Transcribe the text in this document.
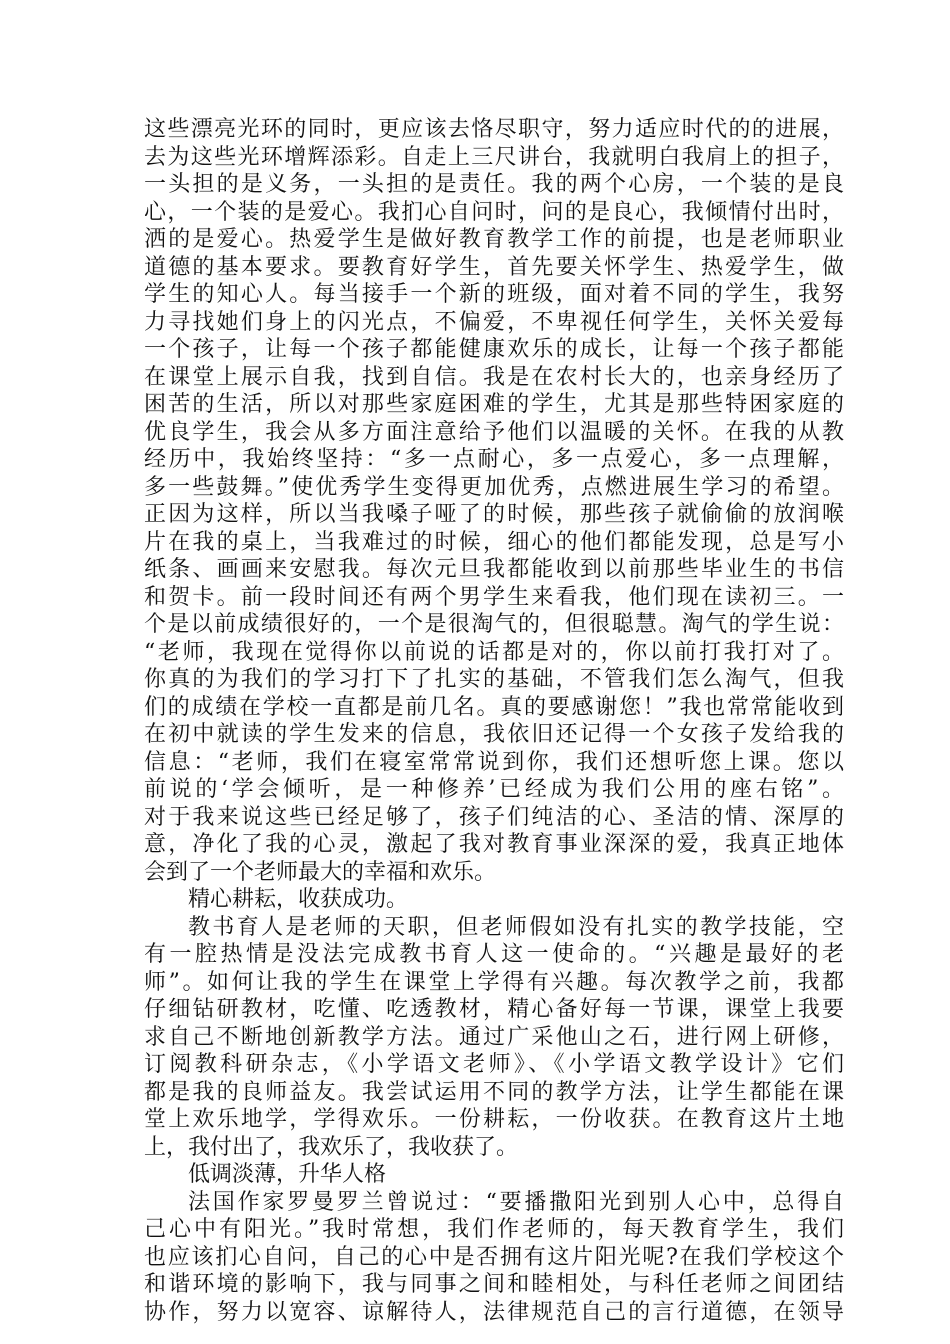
这些漂亮光环的同时，更应该去恪尽职守，努力适应时代的的进展，
去为这些光环增辉添彩。自走上三尺讲台，我就明白我肩上的担子，
一头担的是义务，一头担的是责任。我的两个心房，一个装的是良
心，一个装的是爱心。我扪心自问时，问的是良心，我倾情付出时，
洒的是爱心。热爱学生是做好教育教学工作的前提，也是老师职业
道德的基本要求。要教育好学生，首先要关怀学生、热爱学生，做
学生的知心人。每当接手一个新的班级，面对着不同的学生，我努
力寻找她们身上的闪光点，不偏爱，不卑视任何学生，关怀关爱每
一个孩子，让每一个孩子都能健康欢乐的成长，让每一个孩子都能
在课堂上展示自我，找到自信。我是在农村长大的，也亲身经历了
困苦的生活，所以对那些家庭困难的学生，尤其是那些特困家庭的
优良学生，我会从多方面注意给予他们以温暖的关怀。在我的从教
经历中，我始终坚持：“多一点耐心，多一点爱心，多一点理解，
多一些鼓舞。”使优秀学生变得更加优秀，点燃进展生学习的希望。
正因为这样，所以当我嗓子哑了的时候，那些孩子就偷偷的放润喉
片在我的桌上，当我难过的时候，细心的他们都能发现，总是写小
纸条、画画来安慰我。每次元旦我都能收到以前那些毕业生的书信
和贺卡。前一段时间还有两个男学生来看我，他们现在读初三。一
个是以前成绩很好的，一个是很淘气的，但很聪慧。淘气的学生说：
“老师，我现在觉得你以前说的话都是对的，你以前打我打对了。
你真的为我们的学习打下了扎实的基础，不管我们怎么淘气，但我
们的成绩在学校一直都是前几名。真的要感谢您！”我也常常能收到
在初中就读的学生发来的信息，我依旧还记得一个女孩子发给我的
信息：“老师，我们在寝室常常说到你，我们还想听您上课。您以
前说的‘学会倾听，是一种修养’已经成为我们公用的座右铭”。
对于我来说这些已经足够了，孩子们纯洁的心、圣洁的情、深厚的
意，净化了我的心灵，激起了我对教育事业深深的爱，我真正地体
会到了一个老师最大的幸福和欢乐。
精心耕耘，收获成功。
教书育人是老师的天职，但老师假如没有扎实的教学技能，空
有一腔热情是没法完成教书育人这一使命的。“兴趣是最好的老
师”。如何让我的学生在课堂上学得有兴趣。每次教学之前，我都
仔细钻研教材，吃懂、吃透教材，精心备好每一节课，课堂上我要
求自己不断地创新教学方法。通过广采他山之石，进行网上研修，
订阅教科研杂志，《小学语文老师》、《小学语文教学设计》它们
都是我的良师益友。我尝试运用不同的教学方法，让学生都能在课
堂上欢乐地学，学得欢乐。一份耕耘，一份收获。在教育这片土地
上，我付出了，我欢乐了，我收获了。
低调淡薄，升华人格
法国作家罗曼罗兰曾说过：“要播撒阳光到别人心中，总得自
己心中有阳光。”我时常想，我们作老师的，每天教育学生，我们
也应该扪心自问，自己的心中是否拥有这片阳光呢?在我们学校这个
和谐环境的影响下，我与同事之间和睦相处，与科任老师之间团结
协作，努力以宽容、谅解待人，法律规范自己的言行道德，在领导
